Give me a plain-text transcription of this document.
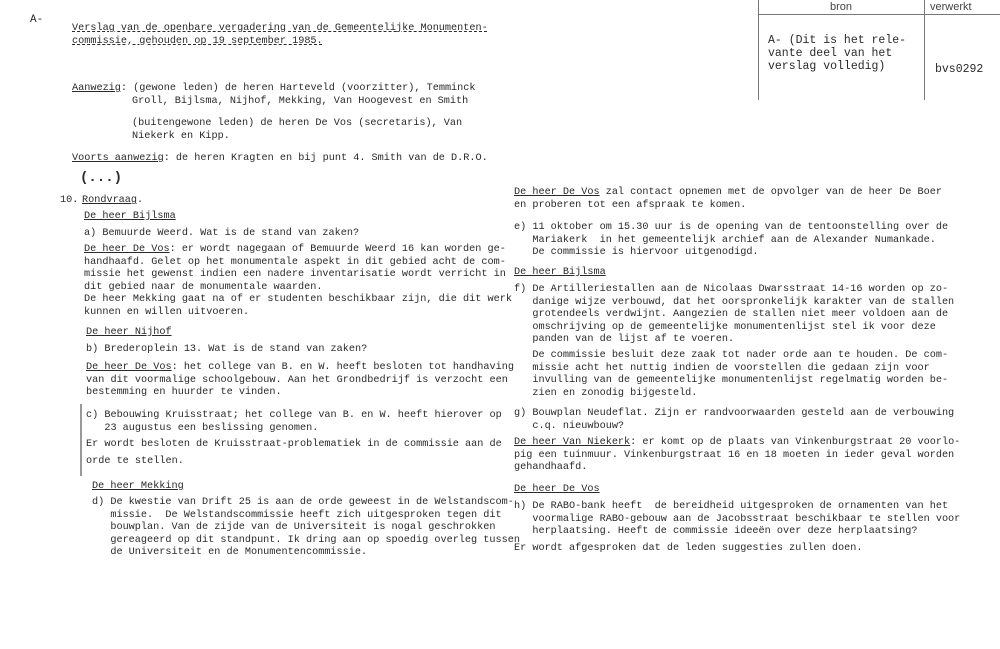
A-
bron	verwerkt
A- (Dit is het rele-
vante deel van het
verslag volledig)	bvs0292
Verslag van de openbare vergadering van de Gemeentelijke Monumenten-
commissie, gehouden op 19 september 1985.
Aanwezig: (gewone leden) de heren Harteveld (voorzitter), Temminck
Groll, Bijlsma, Nijhof, Mekking, Van Hoogevest en Smith
(buitengewone leden) de heren De Vos (secretaris), Van
Niekerk en Kipp.
Voorts aanwezig: de heren Kragten en bij punt 4. Smith van de D.R.O.
(...)
10. Rondvraag.
De heer Bijlsma
a) Bemuurde Weerd. Wat is de stand van zaken?
De heer De Vos: er wordt nagegaan of Bemuurde Weerd 16 kan worden ge-
handhaafd. Gelet op het monumentale aspekt in dit gebied acht de com-
missie het gewenst indien een nadere inventarisatie wordt verricht in
dit gebied naar de monumentale waarden.
De heer Mekking gaat na of er studenten beschikbaar zijn, die dit werk
kunnen en willen uitvoeren.
De heer Nijhof
b) Brederoplein 13. Wat is de stand van zaken?
De heer De Vos: het college van B. en W. heeft besloten tot handhaving
van dit voormalige schoolgebouw. Aan het Grondbedrijf is verzocht een
bestemming en huurder te vinden.
c) Bebouwing Kruisstraat; het college van B. en W. heeft hierover op
23 augustus een beslissing genomen.
Er wordt besloten de Kruisstraat-problematiek in de commissie aan de
orde te stellen.
De heer Mekking
d) De kwestie van Drift 25 is aan de orde geweest in de Welstandscom-
missie.  De Welstandscommissie heeft zich uitgesproken tegen dit
bouwplan. Van de zijde van de Universiteit is nogal geschrokken
gereageerd op dit standpunt. Ik dring aan op spoedig overleg tussen
de Universiteit en de Monumentencommissie.
De heer De Vos zal contact opnemen met de opvolger van de heer De Boer
en proberen tot een afspraak te komen.
e) 11 oktober om 15.30 uur is de opening van de tentoonstelling over de
Mariakerk  in het gemeentelijk archief aan de Alexander Numankade.
De commissie is hiervoor uitgenodigd.
De heer Bijlsma
f) De Artilleriestallen aan de Nicolaas Dwarsstraat 14-16 worden op zo-
danige wijze verbouwd, dat het oorspronkelijk karakter van de stallen
grotendeels verdwijnt. Aangezien de stallen niet meer voldoen aan de
omschrijving op de gemeentelijke monumentenlijst stel ik voor deze
panden van de lijst af te voeren.
De commissie besluit deze zaak tot nader orde aan te houden. De com-
missie acht het nuttig indien de voorstellen die gedaan zijn voor
invulling van de gemeentelijke monumentenlijst regelmatig worden be-
zien en zonodig bijgesteld.
g) Bouwplan Neudeflat. Zijn er randvoorwaarden gesteld aan de verbouwing
c.q. nieuwbouw?
De heer Van Niekerk: er komt op de plaats van Vinkenburgstraat 20 voorlo-
pig een tuinmuur. Vinkenburgstraat 16 en 18 moeten in ieder geval worden
gehandhaafd.
De heer De Vos
h) De RABO-bank heeft  de bereidheid uitgesproken de ornamenten van het
voormalige RABO-gebouw aan de Jacobsstraat beschikbaar te stellen voor
herplaatsing. Heeft de commissie ideeën over deze herplaatsing?
Er wordt afgesproken dat de leden suggesties zullen doen.
